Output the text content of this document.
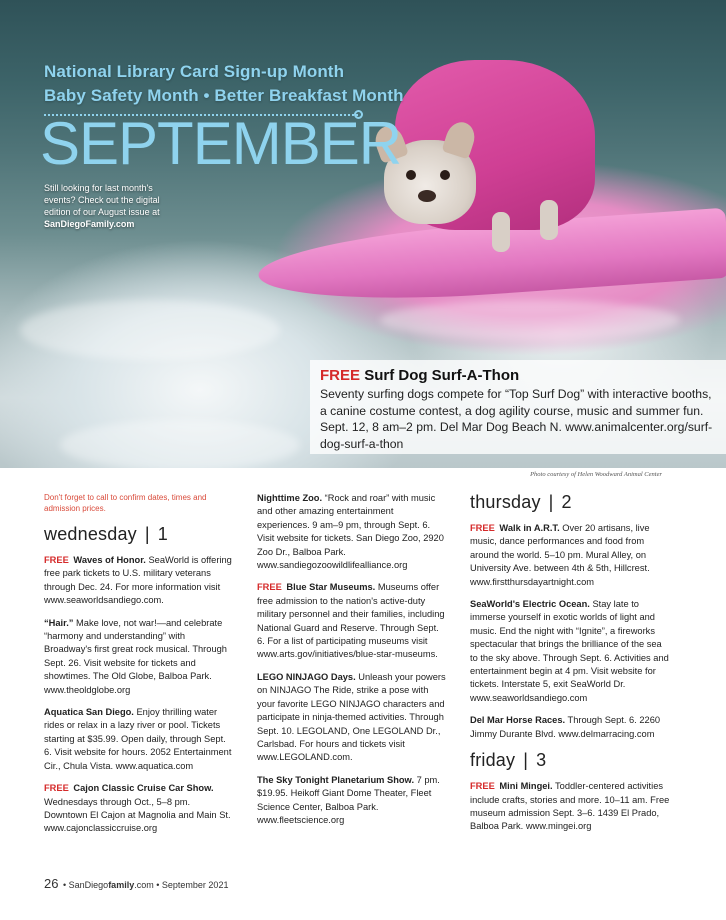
National Library Card Sign-up Month
Baby Safety Month • Better Breakfast Month
SEPTEMBER
Still looking for last month's events? Check out the digital edition of our August issue at SanDiegoFamily.com
FREE Surf Dog Surf-A-Thon
Seventy surfing dogs compete for “Top Surf Dog” with interactive booths, a canine costume contest, a dog agility course, music and summer fun. Sept. 12, 8 am–2 pm. Del Mar Dog Beach N. www.animalcenter.org/surf-dog-surf-a-thon
Photo courtesy of Helen Woodward Animal Center
Don't forget to call to confirm dates, times and admission prices.
wednesday | 1
FREE Waves of Honor. SeaWorld is offering free park tickets to U.S. military veterans through Dec. 24. For more information visit www.seaworldsandiego.com.
“Hair.” Make love, not war!—and celebrate “harmony and understanding” with Broadway's first great rock musical. Through Sept. 26. Visit website for tickets and showtimes. The Old Globe, Balboa Park. www.theoldglobe.org
Aquatica San Diego. Enjoy thrilling water rides or relax in a lazy river or pool. Tickets starting at $35.99. Open daily, through Sept. 6. Visit website for hours. 2052 Entertainment Cir., Chula Vista. www.aquatica.com
FREE Cajon Classic Cruise Car Show. Wednesdays through Oct., 5–8 pm. Downtown El Cajon at Magnolia and Main St. www.cajonclassiccruise.org
Nighttime Zoo. “Rock and roar” with music and other amazing entertainment experiences. 9 am–9 pm, through Sept. 6. Visit website for tickets. San Diego Zoo, 2920 Zoo Dr., Balboa Park. www.sandiegozoowildlifealliance.org
FREE Blue Star Museums. Museums offer free admission to the nation's active-duty military personnel and their families, including National Guard and Reserve. Through Sept. 6. For a list of participating museums visit www.arts.gov/initiatives/blue-star-museums.
LEGO NINJAGO Days. Unleash your powers on NINJAGO The Ride, strike a pose with your favorite LEGO NINJAGO characters and participate in ninja-themed activities. Through Sept. 10. LEGOLAND, One LEGOLAND Dr., Carlsbad. For hours and tickets visit www.LEGOLAND.com.
The Sky Tonight Planetarium Show. 7 pm. $19.95. Heikoff Giant Dome Theater, Fleet Science Center, Balboa Park. www.fleetscience.org
thursday | 2
FREE Walk in A.R.T. Over 20 artisans, live music, dance performances and food from around the world. 5–10 pm. Mural Alley, on University Ave. between 4th & 5th, Hillcrest. www.firstthursdayartnight.com
SeaWorld's Electric Ocean. Stay late to immerse yourself in exotic worlds of light and music. End the night with “Ignite”, a fireworks spectacular that brings the brilliance of the sea to the sky above. Through Sept. 6. Activities and entertainment begin at 4 pm. Visit website for tickets. Interstate 5, exit SeaWorld Dr. www.seaworldsandiego.com
Del Mar Horse Races. Through Sept. 6. 2260 Jimmy Durante Blvd. www.delmarracing.com
friday | 3
FREE Mini Mingei. Toddler-centered activities include crafts, stories and more. 10–11 am. Free museum admission Sept. 3–6. 1439 El Prado, Balboa Park. www.mingei.org
26 • SanDiegofamily.com • September 2021
